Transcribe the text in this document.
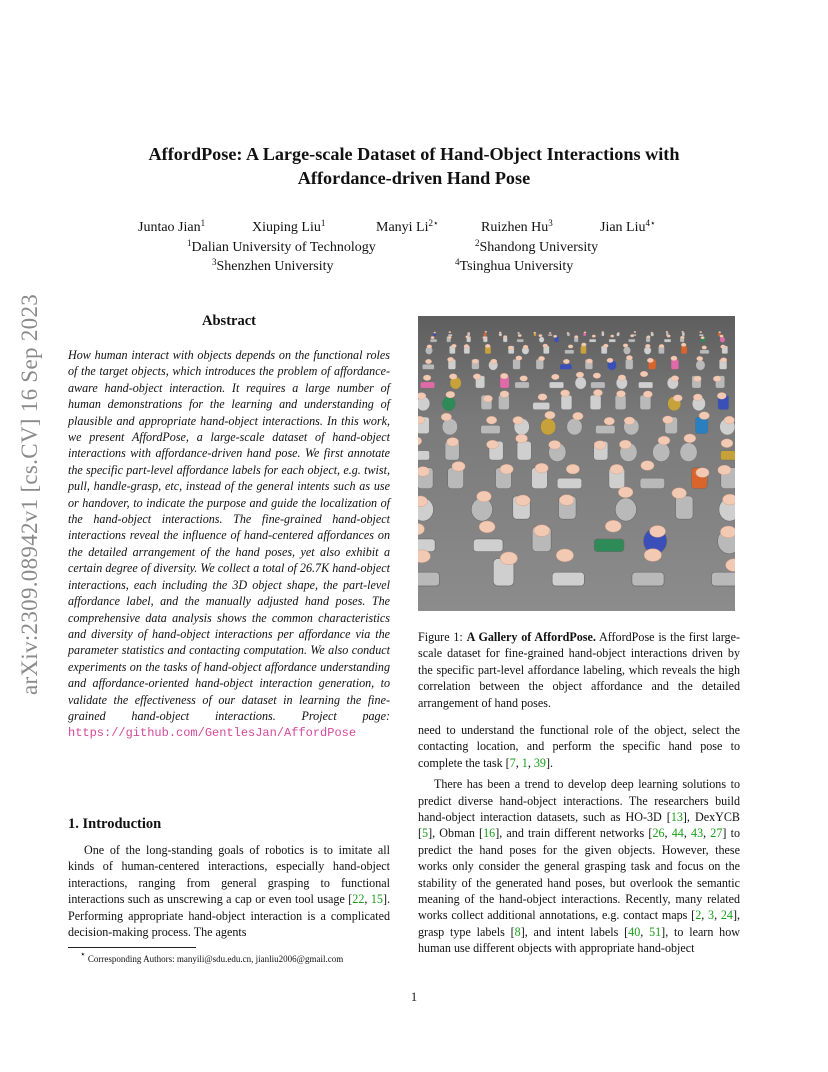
arXiv:2309.08942v1 [cs.CV] 16 Sep 2023
AffordPose: A Large-scale Dataset of Hand-Object Interactions with
Affordance-driven Hand Pose
Juntao Jian$^1$	Xiuping Liu$^1$	Manyi $Li^{2⋆}$	Ruizhen Hu$^3$	Jian Liu$^{4⋆}$
$^1$Dalian University of Technology	$^2$Shandong University
$^3$Shenzhen University	$^4$Tsinghua University
Abstract
How human interact with objects depends on the functional roles of the target objects, which introduces the problem of affordance-aware hand-object interaction. It requires a large number of human demonstrations for the learning and understanding of plausible and appropriate hand-object interactions. In this work, we present AffordPose, a large-scale dataset of hand-object interactions with affordance-driven hand pose. We first annotate the specific part-level affordance labels for each object, e.g. twist, pull, handle-grasp, etc, instead of the general intents such as use or handover, to indicate the purpose and guide the localization of the hand-object interactions. The fine-grained hand-object interactions reveal the influence of hand-centered affordances on the detailed arrangement of the hand poses, yet also exhibit a certain degree of diversity. We collect a total of 26.7K hand-object interactions, each including the 3D object shape, the part-level affordance label, and the manually adjusted hand poses. The comprehensive data analysis shows the common characteristics and diversity of hand-object interactions per affordance via the parameter statistics and contacting computation. We also conduct experiments on the tasks of hand-object affordance understanding and affordance-oriented hand-object interaction generation, to validate the effectiveness of our dataset in learning the fine-grained hand-object interactions. Project page: https://github.com/GentlesJan/AffordPose
1. Introduction

One of the long-standing goals of robotics is to imitate all kinds of human-centered interactions, especially hand-object interactions, ranging from general grasping to functional interactions such as unscrewing a cap or even tool usage [22, 15]. Performing appropriate hand-object interaction is a complicated decision-making process. The agents

⋆ Corresponding Authors: manyili@sdu.edu.cn, jianliu2006@gmail.com
Figure 1: A Gallery of AffordPose. AffordPose is the first large-scale dataset for fine-grained hand-object interactions driven by the specific part-level affordance labeling, which reveals the high correlation between the object affordance and the detailed arrangement of hand poses.

need to understand the functional role of the object, select the contacting location, and perform the specific hand pose to complete the task [7, 1, 39].

There has been a trend to develop deep learning solutions to predict diverse hand-object interactions. The researchers build hand-object interaction datasets, such as HO-3D [13], DexYCB [5], Obman [16], and train different networks [26, 44, 43, 27] to predict the hand poses for the given objects. However, these works only consider the general grasping task and focus on the stability of the generated hand poses, but overlook the semantic meaning of the hand-object interactions. Recently, many related works collect additional annotations, e.g. contact maps [2, 3, 24], grasp type labels [8], and intent labels [40, 51], to learn how human use different objects with appropriate hand-object

1
